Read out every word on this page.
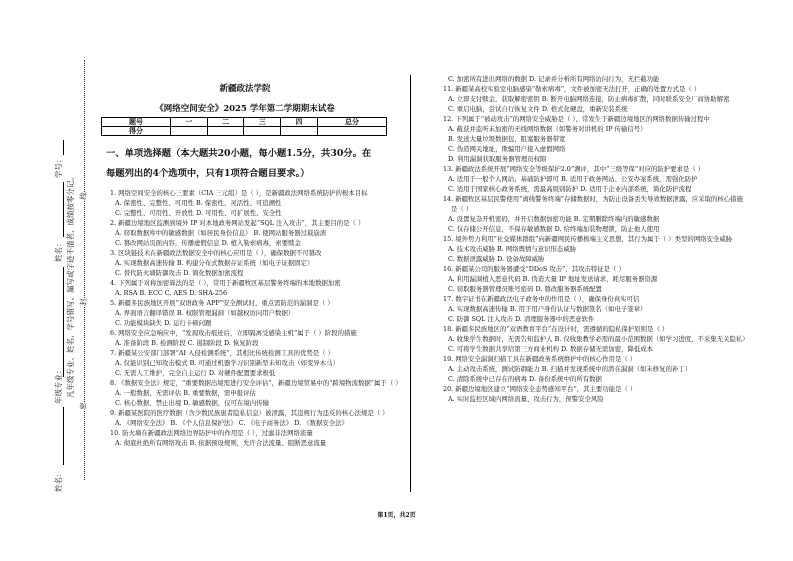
密
封
线
学号：
姓名：
年级专业：
姓名：
凡年级专业、姓名、学号错写、漏写或字迹不清者，成绩按零分记。
新疆政法学院
《网络空间安全》2025 学年第二学期期末试卷
题号	一	二	三	四	总分
得分					
一、单项选择题（本大题共20小题，每小题1.5分，共30分。在
每题列出的4个选项中，只有1项符合题目要求。）
1. 网络空间安全的核心三要素（CIA 三元组）是（ ），是新疆政法网络系统防护的根本目标
A. 保密性、完整性、可用性 B. 保密性、灵活性、可追溯性
C. 完整性、可用性、开放性 D. 可用性、可扩展性、安全性
2. 新疆边境地区监测到境外 IP 对本地政务网站发起“SQL 注入攻击”，其主要目的是（ ）
A. 窃取数据库中的敏感数据（如居民身份信息） B. 使网站服务器过载崩溃
C. 篡改网站页面内容，传播虚假信息 D. 植入勒索病毒，索要赎金
3. 区块链技术在新疆政法数据安全中的核心应用是（ ），确保数据不可篡改
A. 实现数据高速传输 B. 构建分布式数据存证系统（如电子证据固定）
C. 替代防火墙防御攻击 D. 简化数据加密流程
4. 下列属于对称加密算法的是（ ），常用于新疆牧区基层警务终端的本地数据加密
A. RSA B. ECC C. AES D. SHA-256
5. 新疆多民族地区开展“双语政务 APP”安全测试时，重点需防范的漏洞是（ ）
A. 界面语言翻译错误 B. 权限管理漏洞（如越权访问用户数据）
C. 功能模块缺失 D. 运行卡顿问题
6. 网络安全应急响应中，“发现攻击痕迹后，立即隔离受感染主机”属于（ ）阶段的措施
A. 准备阶段 B. 检测阶段 C. 遏制阶段 D. 恢复阶段
7. 新疆某公安部门部署“AI 入侵检测系统”，其相比传统检测工具的优势是（ ）
A. 仅能识别已知攻击模式 B. 可通过机器学习识别新型未知攻击（如变异木马）
C. 无需人工维护，完全自主运行 D. 对硬件配置要求极低
8. 《数据安全法》规定，“重要数据出境需进行安全评估”，新疆边境贸易中的“跨境物流数据”属于（ ）
A. 一般数据，无需评估 B. 重要数据，需申报评估
C. 核心数据，禁止出境 D. 敏感数据，仅可在境内传输
9. 新疆某医院的医疗数据（含少数民族患者隐私信息）被泄露，其违规行为违反的核心法规是（ ）
A. 《网络安全法》 B. 《个人信息保护法》 C. 《电子商务法》 D. 《数据安全法》
10. 防火墙在新疆政法网络边界防护中的作用是（ ），过滤非法网络流量
A. 彻底杜绝所有网络攻击 B. 依据预设规则，允许合法流量、阻断恶意流量
C. 加密所有进出网络的数据 D. 记录并分析所有网络访问行为，无拦截功能
11. 新疆某高校实验室电脑感染“勒索病毒”，文件被加密无法打开，正确的处置方式是（ ）
A. 立即支付赎金，获取解密密钥 B. 断开电脑网络连接，防止病毒扩散，同时联系安全厂商协助解密
C. 重启电脑，尝试自行恢复文件 D. 格式化硬盘，重新安装系统
12. 下列属于“被动攻击”的网络安全威胁是（ ），常发生于新疆边境地区的网络数据传输过程中
A. 截获并监听未加密的无线网络数据（如警务对讲机的 IP 传输信号）
B. 发送大量垃圾数据包，阻塞服务器带宽
C. 伪造网关地址，欺骗用户接入虚假网络
D. 利用漏洞获取服务器管理员权限
13. 新疆政法系统开展“网络安全等级保护2.0”测评，其中“三级等保”对应的防护要求是（ ）
A. 适用于一般个人网站，基础防护即可 B. 适用于政务网站、公安办案系统，需强化防护
C. 适用于国家核心政务系统，需最高级别防护 D. 适用于企业内部系统，简化防护流程
14. 新疆牧区基层民警使用“离线警务终端”存储数据时，为防止设备丢失导致数据泄露，应采取的核心措施是（ ）
A. 设置复杂开机密码，并开启数据加密功能 B. 定期删除终端内的敏感数据
C. 仅存储公开信息，不保存敏感数据 D. 给终端加装物理锁，防止他人使用
15. 境外势力利用“社交媒体群组”向新疆网民传播极端主义思想，其行为属于（ ）类型的网络安全威胁
A. 技术攻击威胁 B. 网络舆情与意识形态威胁
C. 数据泄露威胁 D. 设备故障威胁
16. 新疆某公司的服务器遭受“DDoS 攻击”，其攻击特征是（ ）
A. 利用漏洞植入恶意代码 B. 伪造大量 IP 地址发送请求，耗尽服务器资源
C. 窃取服务器管理员账号密码 D. 篡改服务器系统配置
17. 数字证书在新疆政法电子政务中的作用是（ ），确保身份真实可信
A. 实现数据高速传输 B. 用于用户身份认证与数据签名（如电子签章）
C. 防御 SQL 注入攻击 D. 清理服务器中的恶意软件
18. 新疆多民族地区的“双语教育平台”在设计时，需遵循的隐私保护原则是（ ）
A. 收集学生数据时，无需告知监护人 B. 仅收集教学必需的最小范围数据（如学习进度，不采集无关隐私）
C. 可将学生数据共享给第三方商业机构 D. 数据存储无需加密，降低成本
19. 网络安全漏洞扫描工具在新疆政务系统维护中的核心作用是（ ）
A. 主动攻击系统，测试防御能力 B. 扫描并发现系统中的潜在漏洞（如未修复的补丁）
C. 清除系统中已存在的病毒 D. 备份系统中的所有数据
20. 新疆边境地区建立“网络安全态势感知平台”，其主要功能是（ ）
A. 实时监控区域内网络流量、攻击行为，预警安全风险
第1页，共2页
